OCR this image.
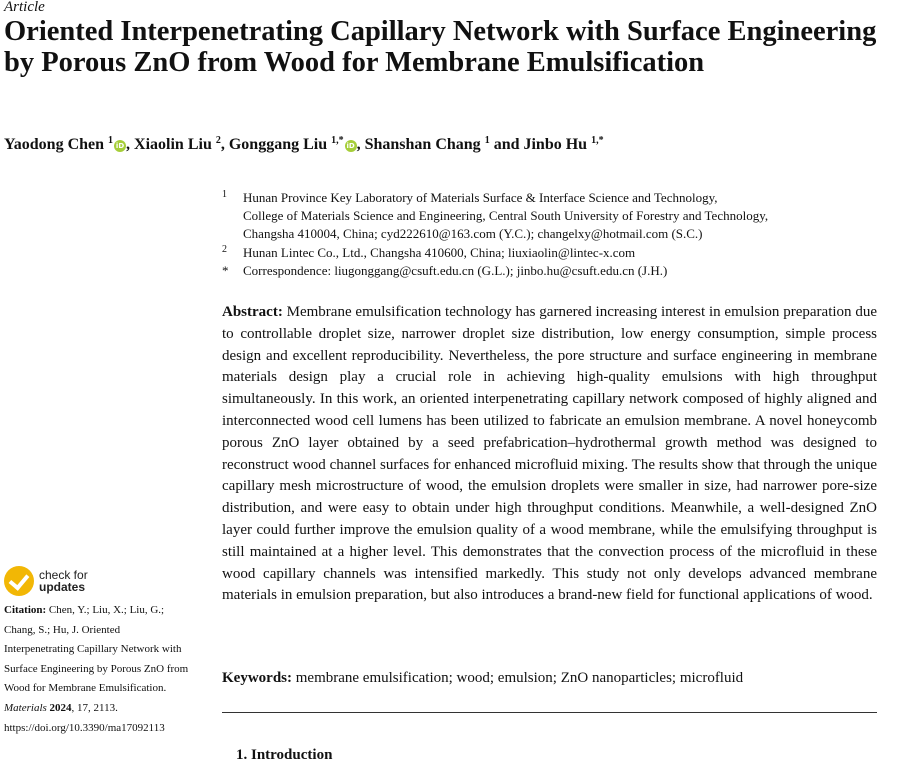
Article
Oriented Interpenetrating Capillary Network with Surface Engineering by Porous ZnO from Wood for Membrane Emulsification
Yaodong Chen $^1$ iD , Xiaolin Liu $^2$, Gonggang Liu $^{1,*}$ iD , Shanshan Chang $^1$ and Jinbo Hu $^{1,*}$
1 Hunan Province Key Laboratory of Materials Surface & Interface Science and Technology,
College of Materials Science and Engineering, Central South University of Forestry and Technology,
Changsha 410004, China; cyd222610@163.com (Y.C.); changelxy@hotmail.com (S.C.)
2 Hunan Lintec Co., Ltd., Changsha 410600, China; liuxiaolin@lintec-x.com
* Correspondence: liugonggang@csuft.edu.cn (G.L.); jinbo.hu@csuft.edu.cn (J.H.)
Abstract: Membrane emulsification technology has garnered increasing interest in emulsion preparation due to controllable droplet size, narrower droplet size distribution, low energy consumption, simple process design and excellent reproducibility. Nevertheless, the pore structure and surface engineering in membrane materials design play a crucial role in achieving high-quality emulsions with high throughput simultaneously. In this work, an oriented interpenetrating capillary network composed of highly aligned and interconnected wood cell lumens has been utilized to fabricate an emulsion membrane. A novel honeycomb porous ZnO layer obtained by a seed prefabrication–hydrothermal growth method was designed to reconstruct wood channel surfaces for enhanced microfluid mixing. The results show that through the unique capillary mesh microstructure of wood, the emulsion droplets were smaller in size, had narrower pore-size distribution, and were easy to obtain under high throughput conditions. Meanwhile, a well-designed ZnO layer could further improve the emulsion quality of a wood membrane, while the emulsifying throughput is still maintained at a higher level. This demonstrates that the convection process of the microfluid in these wood capillary channels was intensified markedly. This study not only develops advanced membrane materials in emulsion preparation, but also introduces a brand-new field for functional applications of wood.
Keywords: membrane emulsification; wood; emulsion; ZnO nanoparticles; microfluid
1. Introduction
check for
updates
Citation: Chen, Y.; Liu, X.; Liu, G.; Chang, S.; Hu, J. Oriented Interpenetrating Capillary Network with Surface Engineering by Porous ZnO from Wood for Membrane Emulsification. Materials 2024, 17, 2113. https://doi.org/10.3390/ma17092113
